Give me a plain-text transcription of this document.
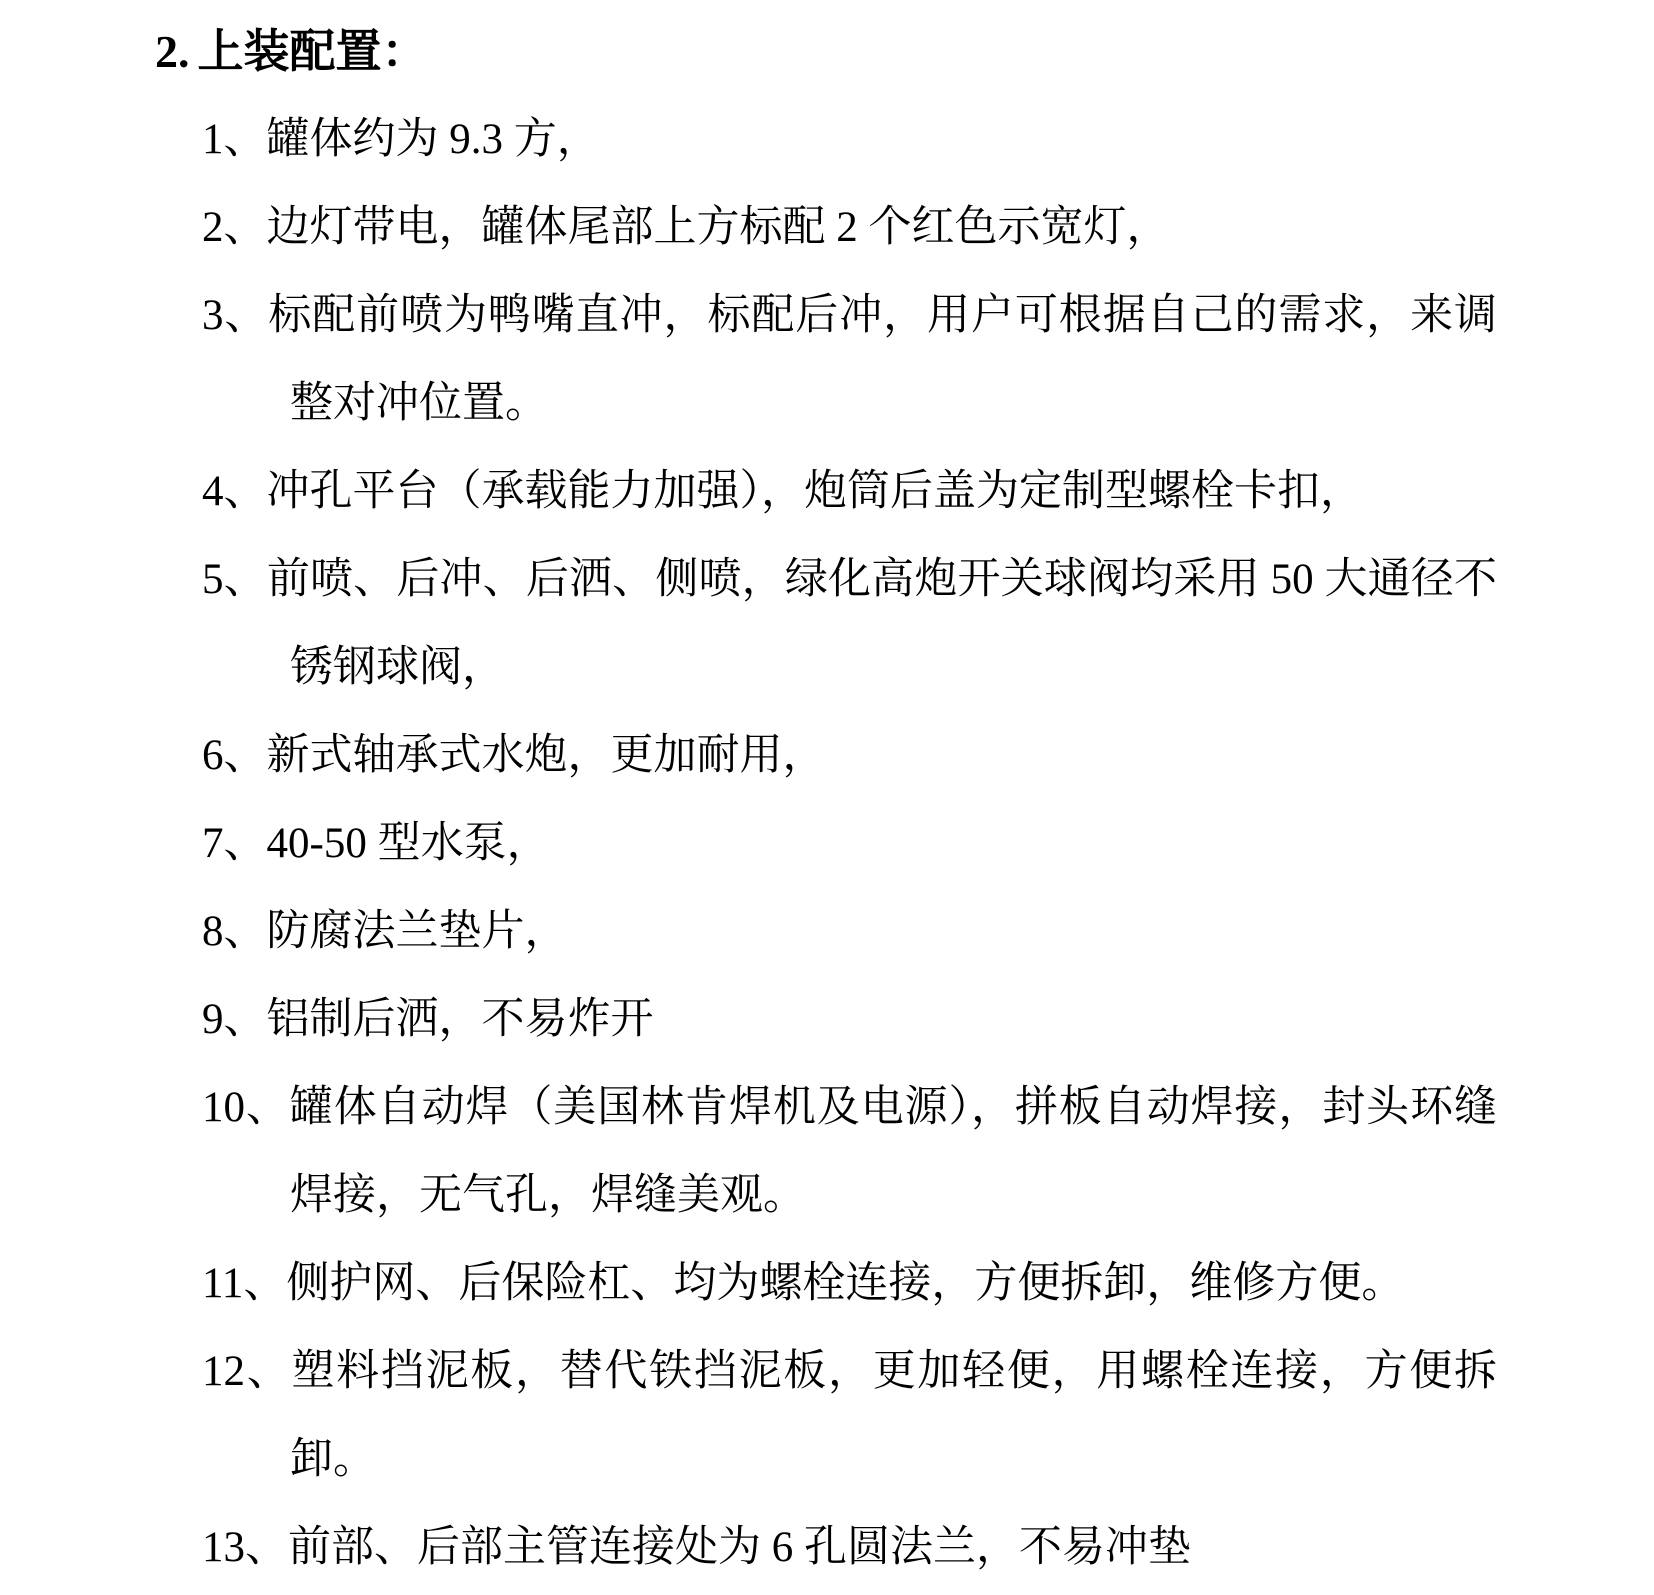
2. 上装配置：
1、罐体约为 9.3 方，
2、边灯带电，罐体尾部上方标配 2 个红色示宽灯，
3、标配前喷为鸭嘴直冲，标配后冲，用户可根据自己的需求，来调整对冲位置。
4、冲孔平台（承载能力加强），炮筒后盖为定制型螺栓卡扣，
5、前喷、后冲、后洒、侧喷，绿化高炮开关球阀均采用 50 大通径不锈钢球阀，
6、新式轴承式水炮，更加耐用，
7、40-50 型水泵，
8、防腐法兰垫片，
9、铝制后洒，不易炸开
10、罐体自动焊（美国林肯焊机及电源），拼板自动焊接，封头环缝焊接，无气孔，焊缝美观。
11、侧护网、后保险杠、均为螺栓连接，方便拆卸，维修方便。
12、塑料挡泥板，替代铁挡泥板，更加轻便，用螺栓连接，方便拆卸。
13、前部、后部主管连接处为 6 孔圆法兰，不易冲垫
